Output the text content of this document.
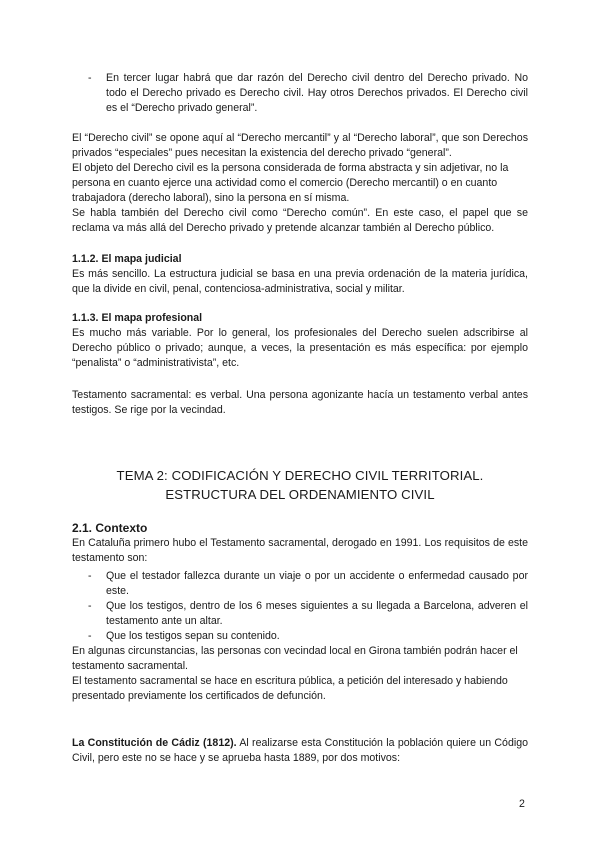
- En tercer lugar habrá que dar razón del Derecho civil dentro del Derecho privado. No todo el Derecho privado es Derecho civil. Hay otros Derechos privados. El Derecho civil es el “Derecho privado general”.

El “Derecho civil” se opone aquí al “Derecho mercantil” y al “Derecho laboral”, que son Derechos privados “especiales” pues necesitan la existencia del derecho privado “general”.

El objeto del Derecho civil es la persona considerada de forma abstracta y sin adjetivar, no la persona en cuanto ejerce una actividad como el comercio (Derecho mercantil) o en cuanto trabajadora (derecho laboral), sino la persona en sí misma.

Se habla también del Derecho civil como “Derecho común”. En este caso, el papel que se reclama va más allá del Derecho privado y pretende alcanzar también al Derecho público.

1.1.2. El mapa judicial

Es más sencillo. La estructura judicial se basa en una previa ordenación de la materia jurídica, que la divide en civil, penal, contenciosa-administrativa, social y militar.

1.1.3. El mapa profesional

Es mucho más variable. Por lo general, los profesionales del Derecho suelen adscribirse al Derecho público o privado; aunque, a veces, la presentación es más específica: por ejemplo “penalista” o “administrativista”, etc.

Testamento sacramental: es verbal. Una persona agonizante hacía un testamento verbal antes testigos. Se rige por la vecindad.

TEMA 2: CODIFICACIÓN Y DERECHO CIVIL TERRITORIAL.

ESTRUCTURA DEL ORDENAMIENTO CIVIL

2.1. Contexto

En Cataluña primero hubo el Testamento sacramental, derogado en 1991. Los requisitos de este testamento son:

- Que el testador fallezca durante un viaje o por un accidente o enfermedad causado por este.

- Que los testigos, dentro de los 6 meses siguientes a su llegada a Barcelona, adveren el testamento ante un altar.

- Que los testigos sepan su contenido.

En algunas circunstancias, las personas con vecindad local en Girona también podrán hacer el testamento sacramental.

El testamento sacramental se hace en escritura pública, a petición del interesado y habiendo presentado previamente los certificados de defunción.

La Constitución de Cádiz (1812). Al realizarse esta Constitución la población quiere un Código Civil, pero este no se hace y se aprueba hasta 1889, por dos motivos:

2
